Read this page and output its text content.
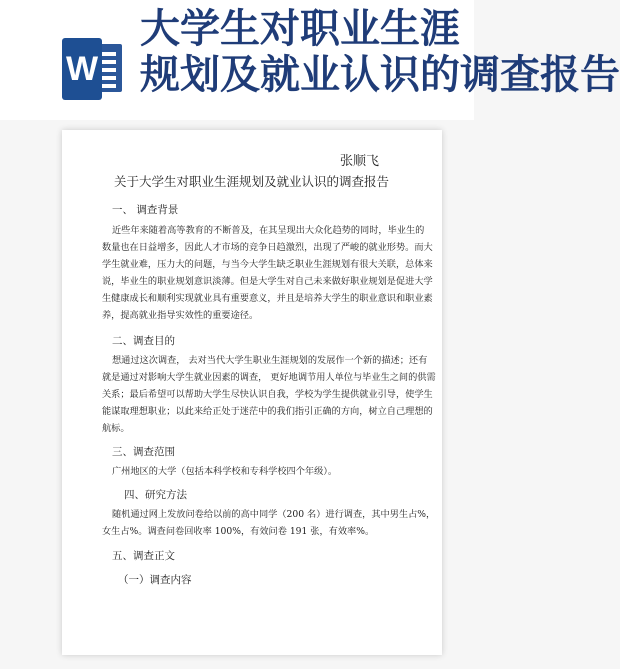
W
大学生对职业生涯
规划及就业认识的调查报告
张顺飞
关于大学生对职业生涯规划及就业认识的调查报告
一、 调查背景
近些年来随着高等教育的不断普及，在其呈现出大众化趋势的同时，毕业生的
数量也在日益增多，因此人才市场的竞争日趋激烈，出现了严峻的就业形势。而大
学生就业难，压力大的问题，与当今大学生缺乏职业生涯规划有很大关联，总体来
说，毕业生的职业规划意识淡薄。但是大学生对自己未来做好职业规划是促进大学
生健康成长和顺利实现就业具有重要意义，并且是培养大学生的职业意识和职业素
养，提高就业指导实效性的重要途径。
二、调查目的
想通过这次调查， 去对当代大学生职业生涯规划的发展作一个新的描述；还有
就是通过对影响大学生就业因素的调查， 更好地调节用人单位与毕业生之间的供需
关系；最后希望可以帮助大学生尽快认识自我，学校为学生提供就业引导，使学生
能谋取理想职业；以此来给正处于迷茫中的我们指引正确的方向，树立自己理想的
航标。
三、调查范围
广州地区的大学（包括本科学校和专科学校四个年级）。
四、研究方法
随机通过网上发放问卷给以前的高中同学（200 名）进行调查，其中男生占%，
女生占%。调查问卷回收率 100%，有效问卷 191 张，有效率%。
五、调查正文
（一）调查内容
